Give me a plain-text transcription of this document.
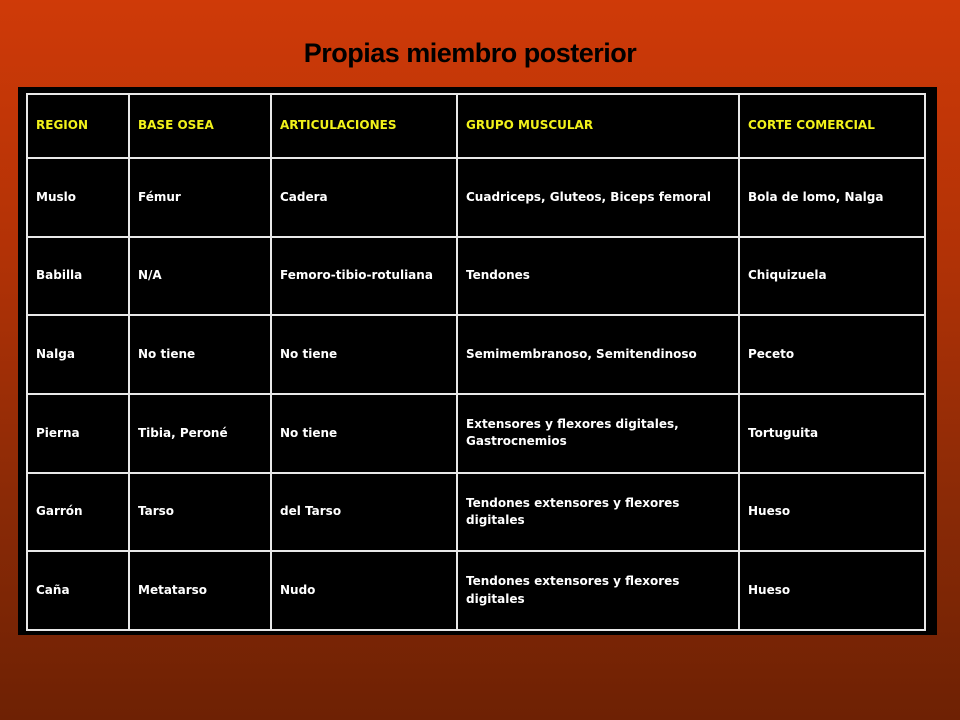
Propias miembro posterior
REGION	BASE OSEA	ARTICULACIONES	GRUPO MUSCULAR	CORTE COMERCIAL
Muslo	Fémur	Cadera	Cuadriceps, Gluteos, Biceps femoral	Bola de lomo, Nalga
Babilla	N/A	Femoro-tibio-rotuliana	Tendones	Chiquizuela
Nalga	No tiene	No tiene	Semimembranoso, Semitendinoso	Peceto
Pierna	Tibia, Peroné	No tiene	Extensores y flexores digitales, Gastrocnemios	Tortuguita
Garrón	Tarso	del Tarso	Tendones extensores y flexores digitales	Hueso
Caña	Metatarso	Nudo	Tendones extensores y flexores digitales	Hueso
